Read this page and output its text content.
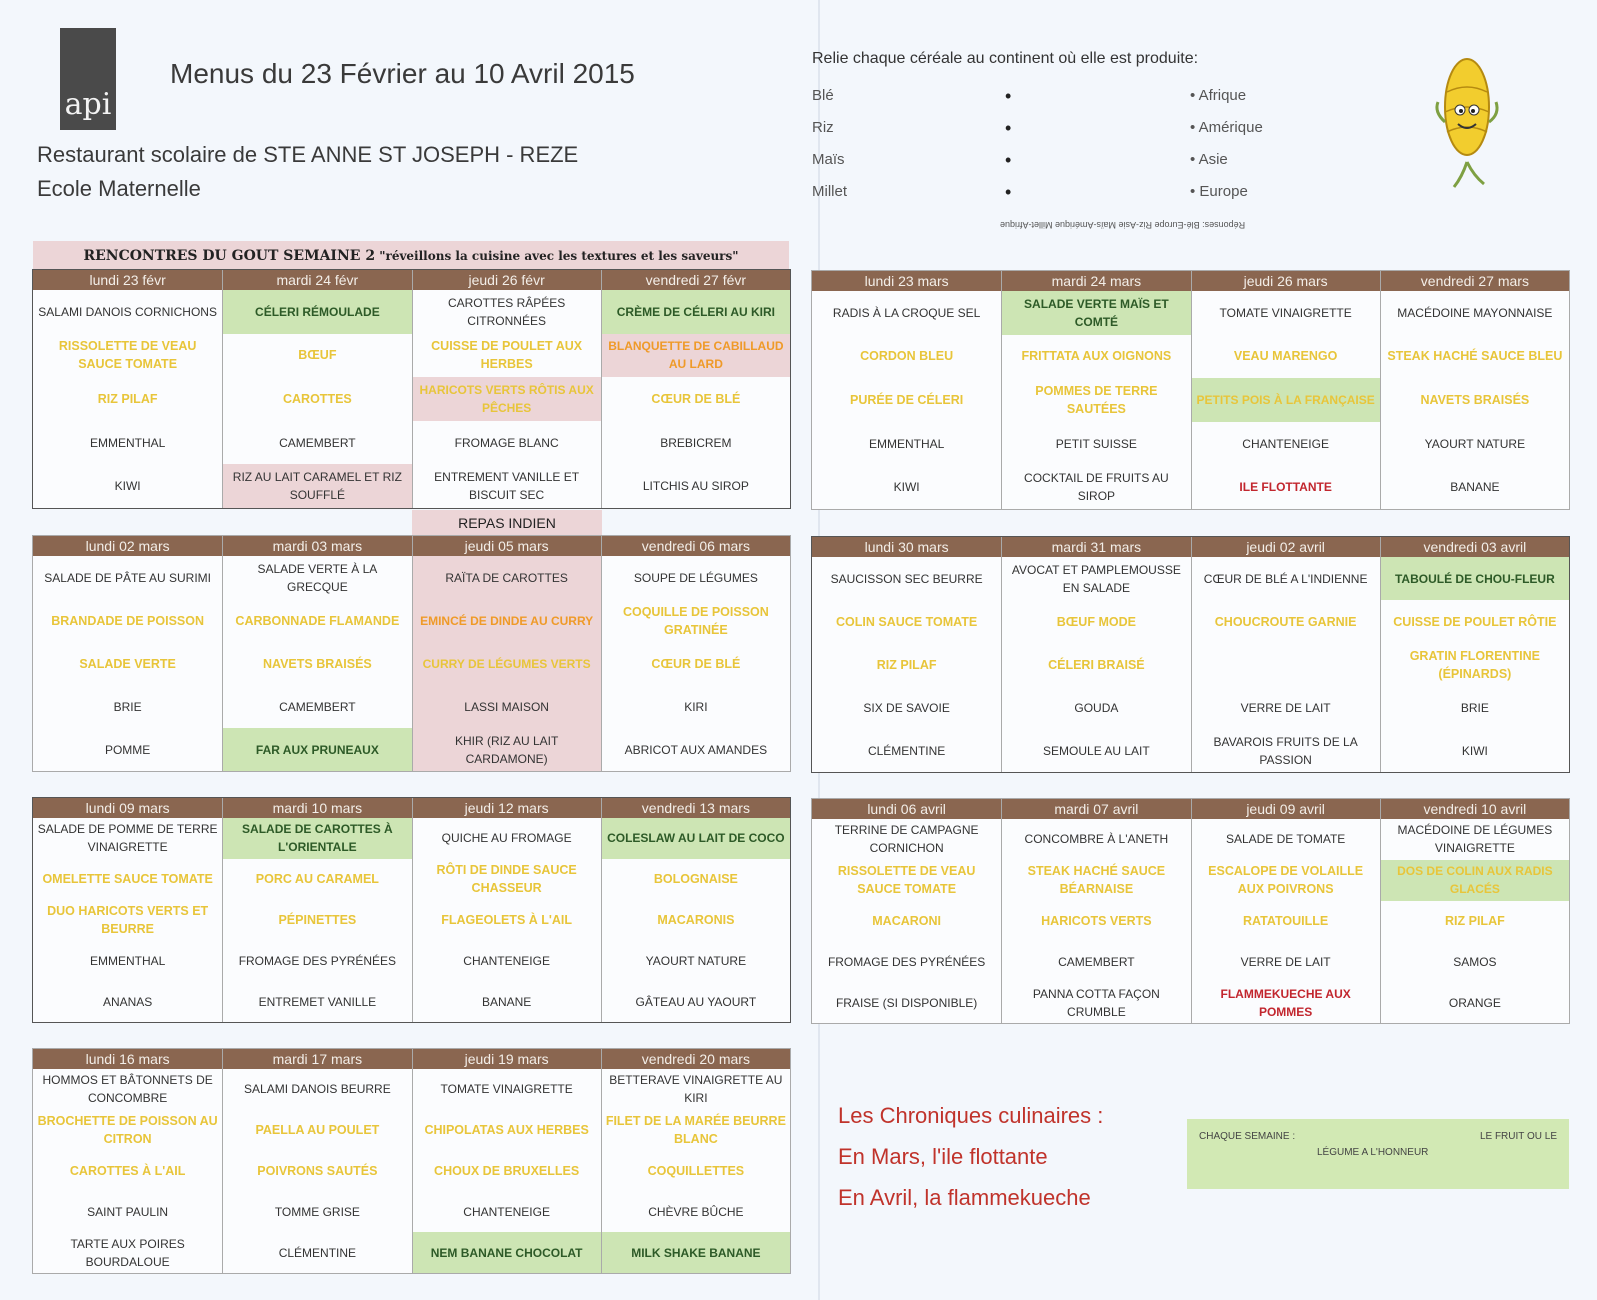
api
Menus du 23 Février au 10 Avril 2015
Restaurant scolaire de STE ANNE ST JOSEPH - REZE
Ecole Maternelle
Relie chaque céréale au continent où elle est produite:
Blé
Riz
Maïs
Millet
•
•
•
•
• Afrique
• Amérique
• Asie
• Europe
Réponses: Blé-Europe Riz-Asie Maïs-Amérique Millet-Afrique
RENCONTRES DU GOUT SEMAINE 2 "réveillons la cuisine avec les textures et les saveurs"
REPAS INDIEN
lundi 23 févr
SALAMI DANOIS CORNICHONS
RISSOLETTE DE VEAU SAUCE TOMATE
RIZ PILAF
EMMENTHAL
KIWI
mardi 24 févr
CÉLERI RÉMOULADE
BŒUF
CAROTTES
CAMEMBERT
RIZ AU LAIT CARAMEL ET RIZ SOUFFLÉ
jeudi 26 févr
CAROTTES RÂPÉES CITRONNÉES
CUISSE DE POULET AUX HERBES
HARICOTS VERTS RÔTIS AUX PÊCHES
FROMAGE BLANC
ENTREMENT VANILLE ET BISCUIT SEC
vendredi 27 févr
CRÈME DE CÉLERI AU KIRI
BLANQUETTE DE CABILLAUD AU LARD
CŒUR DE BLÉ
BREBICREM
LITCHIS AU SIROP
lundi 02 mars
SALADE DE PÂTE AU SURIMI
BRANDADE DE POISSON
SALADE VERTE
BRIE
POMME
mardi 03 mars
SALADE VERTE À LA GRECQUE
CARBONNADE FLAMANDE
NAVETS BRAISÉS
CAMEMBERT
FAR AUX PRUNEAUX
jeudi 05 mars
RAÏTA DE CAROTTES
EMINCÉ DE DINDE AU CURRY
CURRY DE LÉGUMES VERTS
LASSI MAISON
KHIR (RIZ AU LAIT CARDAMONE)
vendredi 06 mars
SOUPE DE LÉGUMES
COQUILLE DE POISSON GRATINÉE
CŒUR DE BLÉ
KIRI
ABRICOT AUX AMANDES
lundi 09 mars
SALADE DE POMME DE TERRE VINAIGRETTE
OMELETTE SAUCE TOMATE
DUO HARICOTS VERTS ET BEURRE
EMMENTHAL
ANANAS
mardi 10 mars
SALADE DE CAROTTES À L'ORIENTALE
PORC AU CARAMEL
PÉPINETTES
FROMAGE DES PYRÉNÉES
ENTREMET VANILLE
jeudi 12 mars
QUICHE AU FROMAGE
RÔTI DE DINDE SAUCE CHASSEUR
FLAGEOLETS À L'AIL
CHANTENEIGE
BANANE
vendredi 13 mars
COLESLAW AU LAIT DE COCO
BOLOGNAISE
MACARONIS
YAOURT NATURE
GÂTEAU AU YAOURT
lundi 16 mars
HOMMOS ET BÂTONNETS DE CONCOMBRE
BROCHETTE DE POISSON AU CITRON
CAROTTES À L'AIL
SAINT PAULIN
TARTE AUX POIRES BOURDALOUE
mardi 17 mars
SALAMI DANOIS BEURRE
PAELLA AU POULET
POIVRONS SAUTÉS
TOMME GRISE
CLÉMENTINE
jeudi 19 mars
TOMATE VINAIGRETTE
CHIPOLATAS AUX HERBES
CHOUX DE BRUXELLES
CHANTENEIGE
NEM BANANE CHOCOLAT
vendredi 20 mars
BETTERAVE VINAIGRETTE AU KIRI
FILET DE LA MARÉE BEURRE BLANC
COQUILLETTES
CHÈVRE BÛCHE
MILK SHAKE BANANE
lundi 23 mars
RADIS À LA CROQUE SEL
CORDON BLEU
PURÉE DE CÉLERI
EMMENTHAL
KIWI
mardi 24 mars
SALADE VERTE MAÏS ET COMTÉ
FRITTATA AUX OIGNONS
POMMES DE TERRE SAUTÉES
PETIT SUISSE
COCKTAIL DE FRUITS AU SIROP
jeudi 26 mars
TOMATE VINAIGRETTE
VEAU MARENGO
PETITS POIS À LA FRANÇAISE
CHANTENEIGE
ILE FLOTTANTE
vendredi 27 mars
MACÉDOINE MAYONNAISE
STEAK HACHÉ SAUCE BLEU
NAVETS BRAISÉS
YAOURT NATURE
BANANE
lundi 30 mars
SAUCISSON SEC BEURRE
COLIN SAUCE TOMATE
RIZ PILAF
SIX DE SAVOIE
CLÉMENTINE
mardi 31 mars
AVOCAT ET PAMPLEMOUSSE EN SALADE
BŒUF MODE
CÉLERI BRAISÉ
GOUDA
SEMOULE AU LAIT
jeudi 02 avril
CŒUR DE BLÉ A L'INDIENNE
CHOUCROUTE GARNIE
VERRE DE LAIT
BAVAROIS FRUITS DE LA PASSION
vendredi 03 avril
TABOULÉ DE CHOU-FLEUR
CUISSE DE POULET RÔTIE
GRATIN FLORENTINE (ÉPINARDS)
BRIE
KIWI
lundi 06 avril
TERRINE DE CAMPAGNE CORNICHON
RISSOLETTE DE VEAU SAUCE TOMATE
MACARONI
FROMAGE DES PYRÉNÉES
FRAISE (SI DISPONIBLE)
mardi 07 avril
CONCOMBRE À L'ANETH
STEAK HACHÉ SAUCE BÉARNAISE
HARICOTS VERTS
CAMEMBERT
PANNA COTTA FAÇON CRUMBLE
jeudi 09 avril
SALADE DE TOMATE
ESCALOPE DE VOLAILLE AUX POIVRONS
RATATOUILLE
VERRE DE LAIT
FLAMMEKUECHE AUX POMMES
vendredi 10 avril
MACÉDOINE DE LÉGUMES VINAIGRETTE
DOS DE COLIN AUX RADIS GLACÉS
RIZ PILAF
SAMOS
ORANGE
Les Chroniques culinaires :
En Mars, l'ile flottante
En Avril, la flammekueche
CHAQUE SEMAINE :	LE FRUIT OU LE
LÉGUME A L'HONNEUR
